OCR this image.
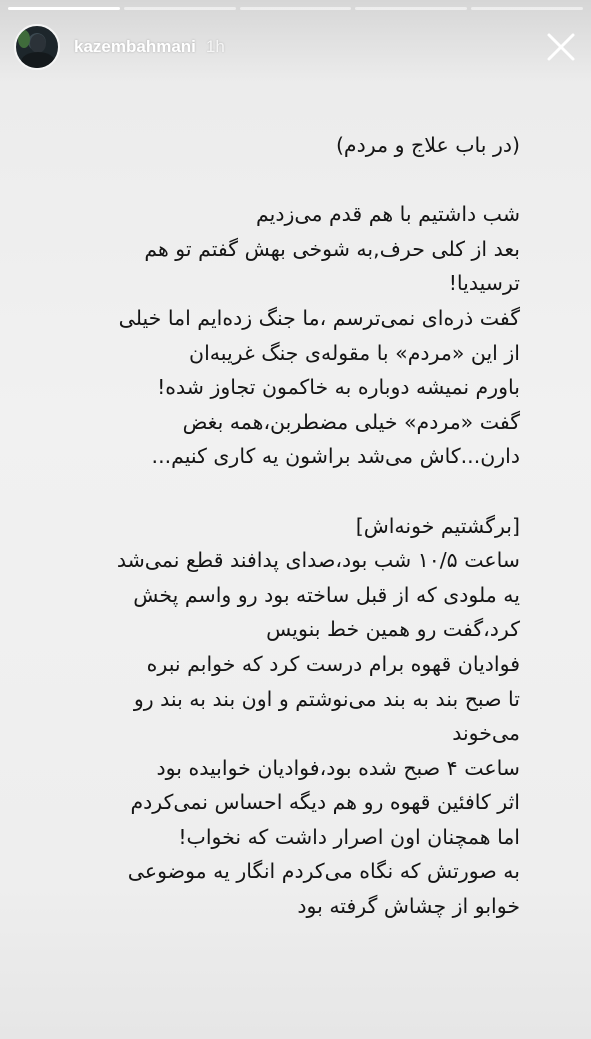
kazembahmani 1h

(در باب علاج و مردم)

شب داشتیم با هم قدم می‌زدیم

بعد از کلی حرف,به شوخی بهش گفتم تو هم

ترسیدیا!

گفت ذره‌ای نمی‌ترسم ،ما جنگ زده‌ایم اما خیلی

از این «مردم» با مقوله‌ی جنگ غریبه‌ان

باورم نمیشه دوباره به خاکمون تجاوز شده!

گفت «مردم» خیلی مضطربن،همه بغض

دارن...کاش می‌شد براشون یه کاری کنیم...

[برگشتیم خونه‌اش]

ساعت ۱۰/۵ شب بود،صدای پدافند قطع نمی‌شد

یه ملودی که از قبل ساخته بود رو واسم پخش

کرد،گفت رو همین خط بنویس

فوادیان قهوه برام درست کرد که خوابم نبره

تا صبح بند به بند می‌نوشتم و اون بند به بند رو

می‌خوند

ساعت ۴ صبح شده بود،فوادیان خوابیده بود

اثر کافئین قهوه رو هم دیگه احساس نمی‌کردم

اما همچنان اون اصرار داشت که نخواب!

به صورتش که نگاه می‌کردم انگار یه موضوعی

خوابو از چشاش گرفته بود
